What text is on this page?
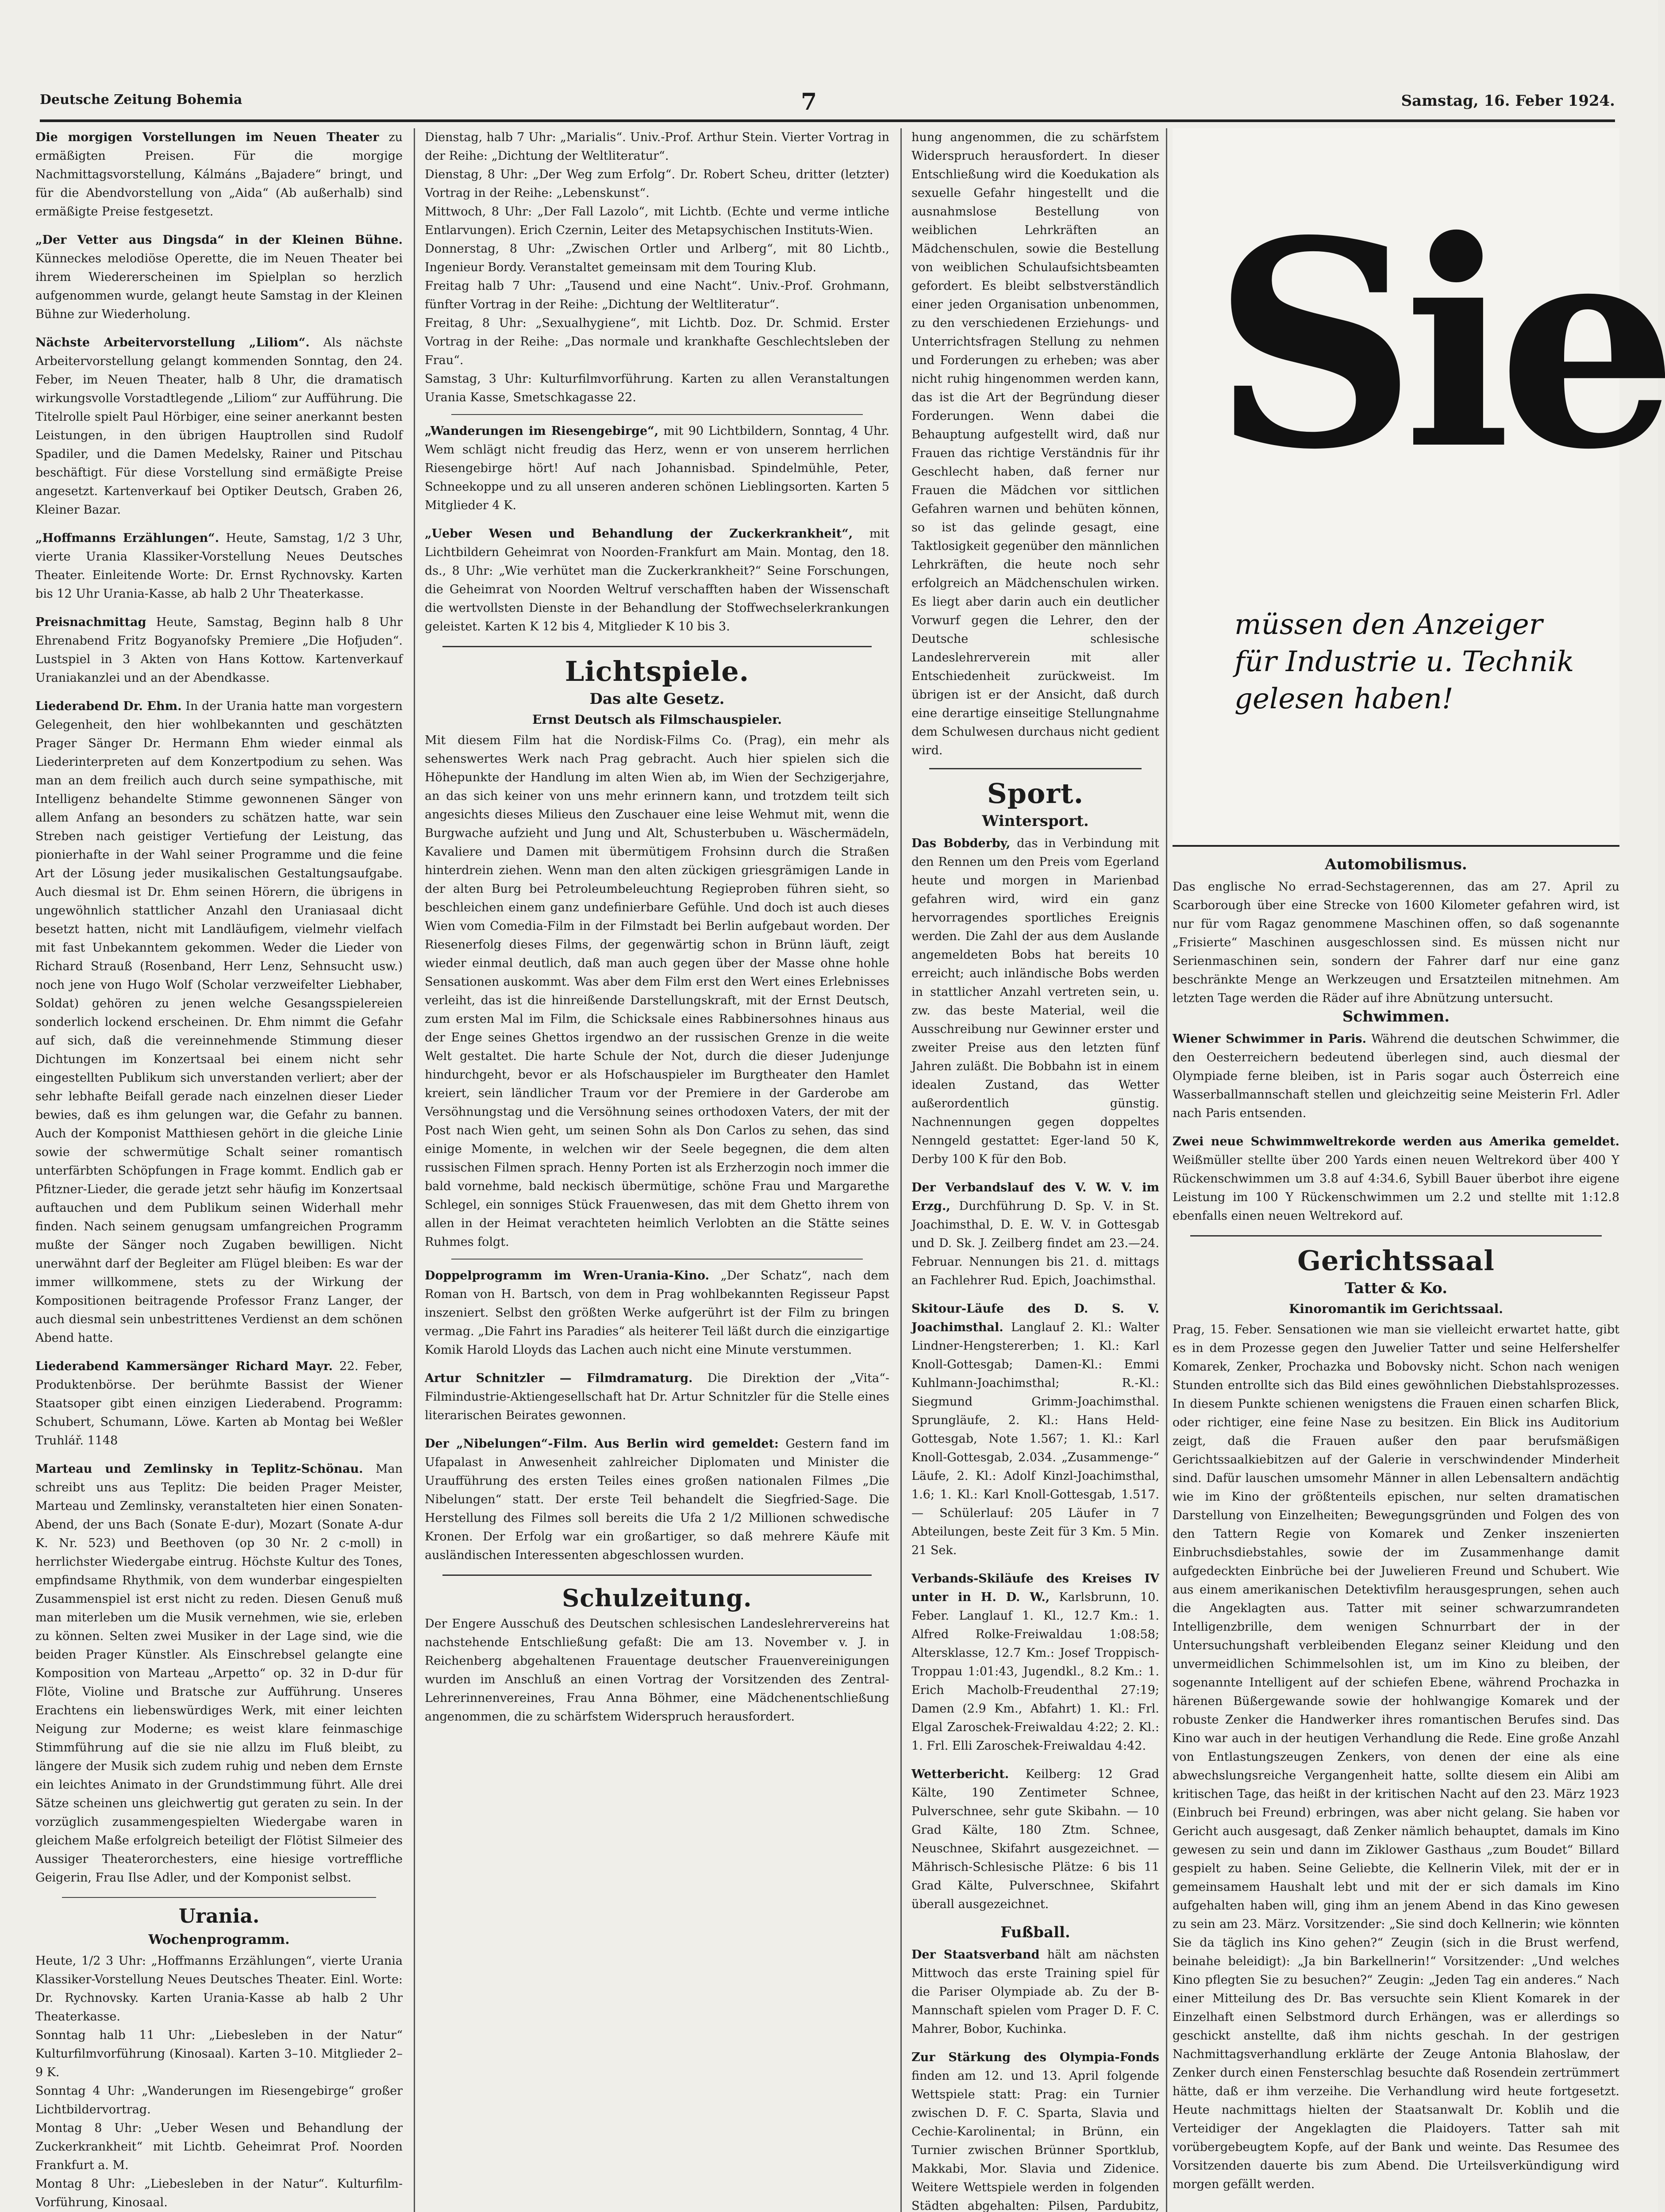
Deutsche Zeitung Bohemia	7	Samstag, 16. Feber 1924.
Die morgigen Vorstellungen im Neuen Theater zu ermäßigten Preisen. Für die morgige Nachmittagsvorstellung, Kálmáns „Bajadere“ bringt, und für die Abendvorstellung von „Aida“ (Ab außerhalb) sind ermäßigte Preise festgesetzt.
„Der Vetter aus Dingsda“ in der Kleinen Bühne. Künneckes melodiöse Operette, die im Neuen Theater bei ihrem Wiedererscheinen im Spielplan so herzlich aufgenommen wurde, gelangt heute Samstag in der Kleinen Bühne zur Wiederholung.
Nächste Arbeitervorstellung „Liliom“. Als nächste Arbeitervorstellung gelangt kommenden Sonntag, den 24. Feber, im Neuen Theater, halb 8 Uhr, die dramatisch wirkungsvolle Vorstadtlegende „Liliom“ zur Aufführung. Die Titelrolle spielt Paul Hörbiger, eine seiner anerkannt besten Leistungen, in den übrigen Hauptrollen sind Rudolf Spadiler, und die Damen Medelsky, Rainer und Pitschau beschäftigt. Für diese Vorstellung sind ermäßigte Preise angesetzt. Kartenverkauf bei Optiker Deutsch, Graben 26, Kleiner Bazar.
„Hoffmanns Erzählungen“. Heute, Samstag, 1/2 3 Uhr, vierte Urania Klassiker-Vorstellung Neues Deutsches Theater. Einleitende Worte: Dr. Ernst Rychnovsky. Karten bis 12 Uhr Urania-Kasse, ab halb 2 Uhr Theaterkasse.
Preisnachmittag Heute, Samstag, Beginn halb 8 Uhr Ehrenabend Fritz Bogyanofsky Premiere „Die Hofjuden“. Lustspiel in 3 Akten von Hans Kottow. Kartenverkauf Uraniakanzlei und an der Abendkasse.
Liederabend Dr. Ehm. In der Urania hatte man vorgestern Gelegenheit, den hier wohlbekannten und geschätzten Prager Sänger Dr. Hermann Ehm wieder einmal als Liederinterpreten auf dem Konzertpodium zu sehen. Was man an dem freilich auch durch seine sympathische, mit Intelligenz behandelte Stimme gewonnenen Sänger von allem Anfang an besonders zu schätzen hatte, war sein Streben nach geistiger Vertiefung der Leistung, das pionierhafte in der Wahl seiner Programme und die feine Art der Lösung jeder musikalischen Gestaltungsaufgabe. Auch diesmal ist Dr. Ehm seinen Hörern, die übrigens in ungewöhnlich stattlicher Anzahl den Uraniasaal dicht besetzt hatten, nicht mit Landläufigem, vielmehr vielfach mit fast Unbekanntem gekommen. Weder die Lieder von Richard Strauß (Rosenband, Herr Lenz, Sehnsucht usw.) noch jene von Hugo Wolf (Scholar verzweifelter Liebhaber, Soldat) gehören zu jenen welche Gesangsspielereien sonderlich lockend erscheinen. Dr. Ehm nimmt die Gefahr auf sich, daß die vereinnehmende Stimmung dieser Dichtungen im Konzertsaal bei einem nicht sehr eingestellten Publikum sich unverstanden verliert; aber der sehr lebhafte Beifall gerade nach einzelnen dieser Lieder bewies, daß es ihm gelungen war, die Gefahr zu bannen. Auch der Komponist Matthiesen gehört in die gleiche Linie sowie der schwermütige Schalt seiner romantisch unterfärbten Schöpfungen in Frage kommt. Endlich gab er Pfitzner-Lieder, die gerade jetzt sehr häufig im Konzertsaal auftauchen und dem Publikum seinen Widerhall mehr finden. Nach seinem genugsam umfangreichen Programm mußte der Sänger noch Zugaben bewilligen. Nicht unerwähnt darf der Begleiter am Flügel bleiben: Es war der immer willkommene, stets zu der Wirkung der Kompositionen beitragende Professor Franz Langer, der auch diesmal sein unbestrittenes Verdienst an dem schönen Abend hatte.
Liederabend Kammersänger Richard Mayr. 22. Feber, Produktenbörse. Der berühmte Bassist der Wiener Staatsoper gibt einen einzigen Liederabend. Programm: Schubert, Schumann, Löwe. Karten ab Montag bei Weßler Truhlář. 1148
Marteau und Zemlinsky in Teplitz-Schönau. Man schreibt uns aus Teplitz: Die beiden Prager Meister, Marteau und Zemlinsky, veranstalteten hier einen Sonaten-Abend, der uns Bach (Sonate E-dur), Mozart (Sonate A-dur K. Nr. 523) und Beethoven (op 30 Nr. 2 c-moll) in herrlichster Wiedergabe eintrug. Höchste Kultur des Tones, empfindsame Rhythmik, von dem wunderbar eingespielten Zusammenspiel ist erst nicht zu reden. Diesen Genuß muß man miterleben um die Musik vernehmen, wie sie, erleben zu können. Selten zwei Musiker in der Lage sind, wie die beiden Prager Künstler. Als Einschrebsel gelangte eine Komposition von Marteau „Arpetto“ op. 32 in D-dur für Flöte, Violine und Bratsche zur Aufführung. Unseres Erachtens ein liebenswürdiges Werk, mit einer leichten Neigung zur Moderne; es weist klare feinmaschige Stimmführung auf die sie nie allzu im Fluß bleibt, zu längere der Musik sich zudem ruhig und neben dem Ernste ein leichtes Animato in der Grundstimmung führt. Alle drei Sätze scheinen uns gleichwertig gut geraten zu sein. In der vorzüglich zusammengespielten Wiedergabe waren in gleichem Maße erfolgreich beteiligt der Flötist Silmeier des Aussiger Theaterorchesters, eine hiesige vortreffliche Geigerin, Frau Ilse Adler, und der Komponist selbst.
Urania.
Wochenprogramm.
Heute, 1/2 3 Uhr: „Hoffmanns Erzählungen“, vierte Urania Klassiker-Vorstellung Neues Deutsches Theater. Einl. Worte: Dr. Rychnovsky. Karten Urania-Kasse ab halb 2 Uhr Theaterkasse.
Sonntag halb 11 Uhr: „Liebesleben in der Natur“ Kulturfilmvorführung (Kinosaal). Karten 3–10. Mitglieder 2–9 K.
Sonntag 4 Uhr: „Wanderungen im Riesengebirge“ großer Lichtbildervortrag.
Montag 8 Uhr: „Ueber Wesen und Behandlung der Zuckerkrankheit“ mit Lichtb. Geheimrat Prof. Noorden Frankfurt a. M.
Montag 8 Uhr: „Liebesleben in der Natur“. Kulturfilm-Vorführung, Kinosaal.
Dienstag, halb 7 Uhr: „Marialis“. Univ.-Prof. Arthur Stein. Vierter Vortrag in der Reihe: „Dichtung der Weltliteratur“.
Dienstag, 8 Uhr: „Der Weg zum Erfolg“. Dr. Robert Scheu, dritter (letzter) Vortrag in der Reihe: „Lebenskunst“.
Mittwoch, 8 Uhr: „Der Fall Lazolo“, mit Lichtb. (Echte und verme intliche Entlarvungen). Erich Czernin, Leiter des Metapsychischen Instituts-Wien.
Donnerstag, 8 Uhr: „Zwischen Ortler und Arlberg“, mit 80 Lichtb., Ingenieur Bordy. Veranstaltet gemeinsam mit dem Touring Klub.
Freitag halb 7 Uhr: „Tausend und eine Nacht“. Univ.-Prof. Grohmann, fünfter Vortrag in der Reihe: „Dichtung der Weltliteratur“.
Freitag, 8 Uhr: „Sexualhygiene“, mit Lichtb. Doz. Dr. Schmid. Erster Vortrag in der Reihe: „Das normale und krankhafte Geschlechtsleben der Frau“.
Samstag, 3 Uhr: Kulturfilmvorführung. Karten zu allen Veranstaltungen Urania Kasse, Smetschkagasse 22.
„Wanderungen im Riesengebirge“, mit 90 Lichtbildern, Sonntag, 4 Uhr. Wem schlägt nicht freudig das Herz, wenn er von unserem herrlichen Riesengebirge hört! Auf nach Johannisbad. Spindelmühle, Peter, Schneekoppe und zu all unseren anderen schönen Lieblingsorten. Karten 5 Mitglieder 4 K.
„Ueber Wesen und Behandlung der Zuckerkrankheit“, mit Lichtbildern Geheimrat von Noorden-Frankfurt am Main. Montag, den 18. ds., 8 Uhr: „Wie verhütet man die Zuckerkrankheit?“ Seine Forschungen, die Geheimrat von Noorden Weltruf verschafften haben der Wissenschaft die wertvollsten Dienste in der Behandlung der Stoffwechselerkrankungen geleistet. Karten K 12 bis 4, Mitglieder K 10 bis 3.
Lichtspiele.
Das alte Gesetz.
Ernst Deutsch als Filmschauspieler.
Mit diesem Film hat die Nordisk-Films Co. (Prag), ein mehr als sehenswertes Werk nach Prag gebracht. Auch hier spielen sich die Höhepunkte der Handlung im alten Wien ab, im Wien der Sechzigerjahre, an das sich keiner von uns mehr erinnern kann, und trotzdem teilt sich angesichts dieses Milieus den Zuschauer eine leise Wehmut mit, wenn die Burgwache aufzieht und Jung und Alt, Schusterbuben u. Wäschermädeln, Kavaliere und Damen mit übermütigem Frohsinn durch die Straßen hinterdrein ziehen. Wenn man den alten zückigen griesgrämigen Lande in der alten Burg bei Petroleumbeleuchtung Regieproben führen sieht, so beschleichen einem ganz undefinierbare Gefühle. Und doch ist auch dieses Wien vom Comedia-Film in der Filmstadt bei Berlin aufgebaut worden. Der Riesenerfolg dieses Films, der gegenwärtig schon in Brünn läuft, zeigt wieder einmal deutlich, daß man auch gegen über der Masse ohne hohle Sensationen auskommt. Was aber dem Film erst den Wert eines Erlebnisses verleiht, das ist die hinreißende Darstellungskraft, mit der Ernst Deutsch, zum ersten Mal im Film, die Schicksale eines Rabbinersohnes hinaus aus der Enge seines Ghettos irgendwo an der russischen Grenze in die weite Welt gestaltet. Die harte Schule der Not, durch die dieser Judenjunge hindurchgeht, bevor er als Hofschauspieler im Burgtheater den Hamlet kreiert, sein ländlicher Traum vor der Premiere in der Garderobe am Versöhnungstag und die Versöhnung seines orthodoxen Vaters, der mit der Post nach Wien geht, um seinen Sohn als Don Carlos zu sehen, das sind einige Momente, in welchen wir der Seele begegnen, die dem alten russischen Filmen sprach. Henny Porten ist als Erzherzogin noch immer die bald vornehme, bald neckisch übermütige, schöne Frau und Margarethe Schlegel, ein sonniges Stück Frauenwesen, das mit dem Ghetto ihrem von allen in der Heimat verachteten heimlich Verlobten an die Stätte seines Ruhmes folgt.
Doppelprogramm im Wren-Urania-Kino. „Der Schatz“, nach dem Roman von H. Bartsch, von dem in Prag wohlbekannten Regisseur Papst inszeniert. Selbst den größten Werke aufgerührt ist der Film zu bringen vermag. „Die Fahrt ins Paradies“ als heiterer Teil läßt durch die einzigartige Komik Harold Lloyds das Lachen auch nicht eine Minute verstummen.
Artur Schnitzler — Filmdramaturg. Die Direktion der „Vita“-Filmindustrie-Aktiengesellschaft hat Dr. Artur Schnitzler für die Stelle eines literarischen Beirates gewonnen.
Der „Nibelungen“-Film. Aus Berlin wird gemeldet: Gestern fand im Ufapalast in Anwesenheit zahlreicher Diplomaten und Minister die Uraufführung des ersten Teiles eines großen nationalen Filmes „Die Nibelungen“ statt. Der erste Teil behandelt die Siegfried-Sage. Die Herstellung des Filmes soll bereits die Ufa 2 1/2 Millionen schwedische Kronen. Der Erfolg war ein großartiger, so daß mehrere Käufe mit ausländischen Interessenten abgeschlossen wurden.
Schulzeitung.
Der Engere Ausschuß des Deutschen schlesischen Landeslehrervereins hat nachstehende Entschließung gefaßt: Die am 13. November v. J. in Reichenberg abgehaltenen Frauentage deutscher Frauenvereinigungen wurden im Anschluß an einen Vortrag der Vorsitzenden des Zentral-Lehrerinnenvereines, Frau Anna Böhmer, eine Mädchenentschließung angenommen, die zu schärfstem Widerspruch herausfordert.
hung angenommen, die zu schärfstem Widerspruch herausfordert. In dieser Entschließung wird die Koedukation als sexuelle Gefahr hingestellt und die ausnahmslose Bestellung von weiblichen Lehrkräften an Mädchenschulen, sowie die Bestellung von weiblichen Schulaufsichtsbeamten gefordert. Es bleibt selbstverständlich einer jeden Organisation unbenommen, zu den verschiedenen Erziehungs- und Unterrichtsfragen Stellung zu nehmen und Forderungen zu erheben; was aber nicht ruhig hingenommen werden kann, das ist die Art der Begründung dieser Forderungen. Wenn dabei die Behauptung aufgestellt wird, daß nur Frauen das richtige Verständnis für ihr Geschlecht haben, daß ferner nur Frauen die Mädchen vor sittlichen Gefahren warnen und behüten können, so ist das gelinde gesagt, eine Taktlosigkeit gegenüber den männlichen Lehrkräften, die heute noch sehr erfolgreich an Mädchenschulen wirken. Es liegt aber darin auch ein deutlicher Vorwurf gegen die Lehrer, den der Deutsche schlesische Landeslehrerverein mit aller Entschiedenheit zurückweist. Im übrigen ist er der Ansicht, daß durch eine derartige einseitige Stellungnahme dem Schulwesen durchaus nicht gedient wird.
Sport.
Wintersport.
Das Bobderby, das in Verbindung mit den Rennen um den Preis vom Egerland heute und morgen in Marienbad gefahren wird, wird ein ganz hervorragendes sportliches Ereignis werden. Die Zahl der aus dem Auslande angemeldeten Bobs hat bereits 10 erreicht; auch inländische Bobs werden in stattlicher Anzahl vertreten sein, u. zw. das beste Material, weil die Ausschreibung nur Gewinner erster und zweiter Preise aus den letzten fünf Jahren zuläßt. Die Bobbahn ist in einem idealen Zustand, das Wetter außerordentlich günstig. Nachnennungen gegen doppeltes Nenngeld gestattet: Eger-land 50 K, Derby 100 K für den Bob.
Der Verbandslauf des V. W. V. im Erzg., Durchführung D. Sp. V. in St. Joachimsthal, D. E. W. V. in Gottesgab und D. Sk. J. Zeilberg findet am 23.—24. Februar. Nennungen bis 21. d. mittags an Fachlehrer Rud. Epich, Joachimsthal.
Skitour-Läufe des D. S. V. Joachimsthal. Langlauf 2. Kl.: Walter Lindner-Hengstererben; 1. Kl.: Karl Knoll-Gottesgab; Damen-Kl.: Emmi Kuhlmann-Joachimsthal; R.-Kl.: Siegmund Grimm-Joachimsthal. Sprungläufe, 2. Kl.: Hans Held-Gottesgab, Note 1.567; 1. Kl.: Karl Knoll-Gottesgab, 2.034. „Zusammenge-“ Läufe, 2. Kl.: Adolf Kinzl-Joachimsthal, 1.6; 1. Kl.: Karl Knoll-Gottesgab, 1.517. — Schülerlauf: 205 Läufer in 7 Abteilungen, beste Zeit für 3 Km. 5 Min. 21 Sek.
Verbands-Skiläufe des Kreises IV unter in H. D. W., Karlsbrunn, 10. Feber. Langlauf 1. Kl., 12.7 Km.: 1. Alfred Rolke-Freiwaldau 1:08:58; Altersklasse, 12.7 Km.: Josef Troppisch-Troppau 1:01:43, Jugendkl., 8.2 Km.: 1. Erich Macholb-Freudenthal 27:19; Damen (2.9 Km., Abfahrt) 1. Kl.: Frl. Elgal Zaroschek-Freiwaldau 4:22; 2. Kl.: 1. Frl. Elli Zaroschek-Freiwaldau 4:42.
Wetterbericht. Keilberg: 12 Grad Kälte, 190 Zentimeter Schnee, Pulverschnee, sehr gute Skibahn. — 10 Grad Kälte, 180 Ztm. Schnee, Neuschnee, Skifahrt ausgezeichnet. — Mährisch-Schlesische Plätze: 6 bis 11 Grad Kälte, Pulverschnee, Skifahrt überall ausgezeichnet.
Fußball.
Der Staatsverband hält am nächsten Mittwoch das erste Training spiel für die Pariser Olympiade ab. Zu der B-Mannschaft spielen vom Prager D. F. C. Mahrer, Bobor, Kuchinka.
Zur Stärkung des Olympia-Fonds finden am 12. und 13. April folgende Wettspiele statt: Prag: ein Turnier zwischen D. F. C. Sparta, Slavia und Cechie-Karolinental; in Brünn, ein Turnier zwischen Brünner Sportklub, Makkabi, Mor. Slavia und Zidenice. Weitere Wettspiele werden in folgenden Städten abgehalten: Pilsen, Pardubitz,
Sie
müssen den Anzeiger für Industrie u. Technik gelesen haben!
Automobilismus.
Das englische No errad-Sechstagerennen, das am 27. April zu Scarborough über eine Strecke von 1600 Kilometer gefahren wird, ist nur für vom Ragaz genommene Maschinen offen, so daß sogenannte „Frisierte“ Maschinen ausgeschlossen sind. Es müssen nicht nur Serienmaschinen sein, sondern der Fahrer darf nur eine ganz beschränkte Menge an Werkzeugen und Ersatzteilen mitnehmen. Am letzten Tage werden die Räder auf ihre Abnützung untersucht.
Schwimmen.
Wiener Schwimmer in Paris. Während die deutschen Schwimmer, die den Oesterreichern bedeutend überlegen sind, auch diesmal der Olympiade ferne bleiben, ist in Paris sogar auch Österreich eine Wasserballmannschaft stellen und gleichzeitig seine Meisterin Frl. Adler nach Paris entsenden.
Zwei neue Schwimmweltrekorde werden aus Amerika gemeldet. Weißmüller stellte über 200 Yards einen neuen Weltrekord über 400 Y Rückenschwimmen um 3.8 auf 4:34.6, Sybill Bauer überbot ihre eigene Leistung im 100 Y Rückenschwimmen um 2.2 und stellte mit 1:12.8 ebenfalls einen neuen Weltrekord auf.
Gerichtssaal
Tatter & Ko.
Kinoromantik im Gerichtssaal.
Prag, 15. Feber. Sensationen wie man sie vielleicht erwartet hatte, gibt es in dem Prozesse gegen den Juwelier Tatter und seine Helfershelfer Komarek, Zenker, Prochazka und Bobovsky nicht. Schon nach wenigen Stunden entrollte sich das Bild eines gewöhnlichen Diebstahlsprozesses. In diesem Punkte schienen wenigstens die Frauen einen scharfen Blick, oder richtiger, eine feine Nase zu besitzen. Ein Blick ins Auditorium zeigt, daß die Frauen außer den paar berufsmäßigen Gerichtssaalkiebitzen auf der Galerie in verschwindender Minderheit sind. Dafür lauschen umsomehr Männer in allen Lebensaltern andächtig wie im Kino der größtenteils epischen, nur selten dramatischen Darstellung von Einzelheiten; Bewegungsgründen und Folgen des von den Tattern Regie von Komarek und Zenker inszenierten Einbruchsdiebstahles, sowie der im Zusammenhange damit aufgedeckten Einbrüche bei der Juwelieren Freund und Schubert. Wie aus einem amerikanischen Detektivfilm herausgesprungen, sehen auch die Angeklagten aus. Tatter mit seiner schwarzumrandeten Intelligenzbrille, dem wenigen Schnurrbart der in der Untersuchungshaft verbleibenden Eleganz seiner Kleidung und den unvermeidlichen Schimmelsohlen ist, um im Kino zu bleiben, der sogenannte Intelligent auf der schiefen Ebene, während Prochazka in härenen Büßergewande sowie der hohlwangige Komarek und der robuste Zenker die Handwerker ihres romantischen Berufes sind. Das Kino war auch in der heutigen Verhandlung die Rede. Eine große Anzahl von Entlastungszeugen Zenkers, von denen der eine als eine abwechslungsreiche Vergangenheit hatte, sollte diesem ein Alibi am kritischen Tage, das heißt in der kritischen Nacht auf den 23. März 1923 (Einbruch bei Freund) erbringen, was aber nicht gelang. Sie haben vor Gericht auch ausgesagt, daß Zenker nämlich behauptet, damals im Kino gewesen zu sein und dann im Ziklower Gasthaus „zum Boudet“ Billard gespielt zu haben. Seine Geliebte, die Kellnerin Vilek, mit der er in gemeinsamem Haushalt lebt und mit der er sich damals im Kino aufgehalten haben will, ging ihm an jenem Abend in das Kino gewesen zu sein am 23. März. Vorsitzender: „Sie sind doch Kellnerin; wie könnten Sie da täglich ins Kino gehen?“ Zeugin (sich in die Brust werfend, beinahe beleidigt): „Ja bin Barkellnerin!“ Vorsitzender: „Und welches Kino pflegten Sie zu besuchen?“ Zeugin: „Jeden Tag ein anderes.“ Nach einer Mitteilung des Dr. Bas versuchte sein Klient Komarek in der Einzelhaft einen Selbstmord durch Erhängen, was er allerdings so geschickt anstellte, daß ihm nichts geschah. In der gestrigen Nachmittagsverhandlung erklärte der Zeuge Antonia Blahoslaw, der Zenker durch einen Fensterschlag besuchte daß Rosendein zertrümmert hätte, daß er ihm verzeihe. Die Verhandlung wird heute fortgesetzt. Heute nachmittags hielten der Staatsanwalt Dr. Koblih und die Verteidiger der Angeklagten die Plaidoyers. Tatter sah mit vorübergebeugtem Kopfe, auf der Bank und weinte. Das Resumee des Vorsitzenden dauerte bis zum Abend. Die Urteilsverkündigung wird morgen gefällt werden.
